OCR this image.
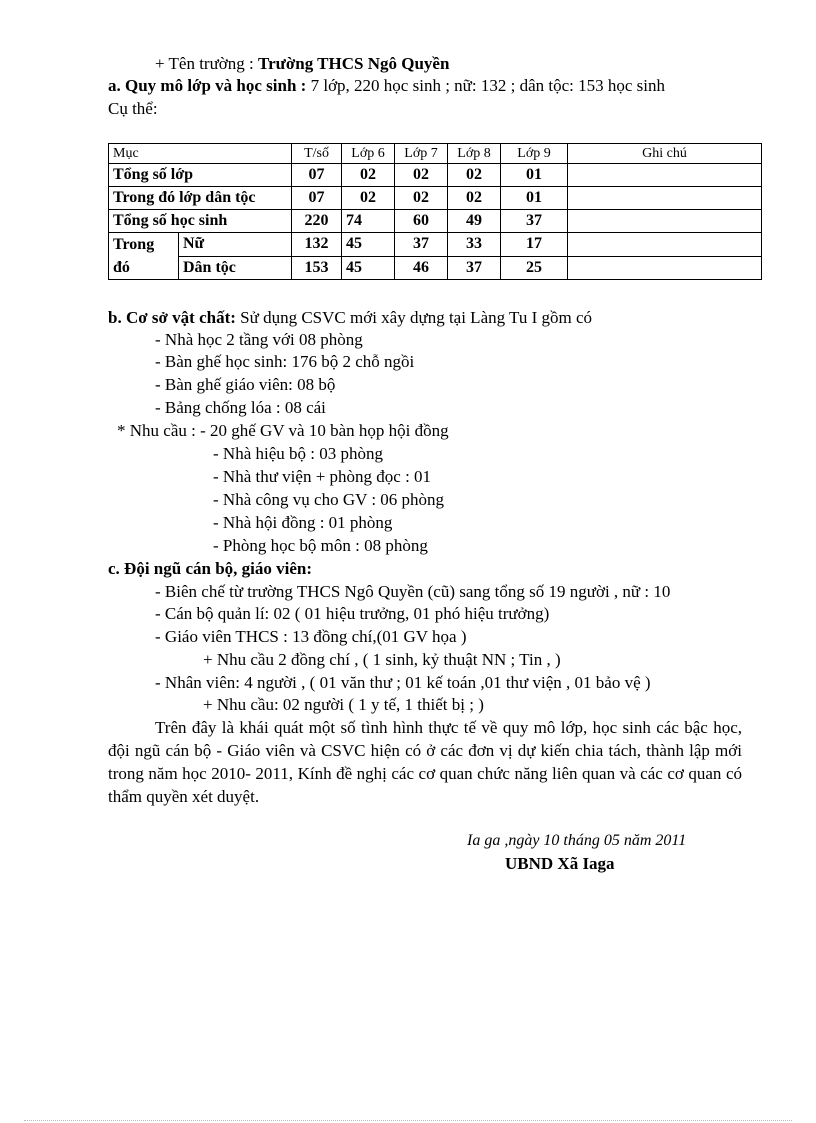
+ Tên trường : Trường THCS Ngô Quyền
a. Quy mô lớp và học sinh : 7 lớp, 220 học sinh ; nữ: 132 ; dân tộc: 153 học sinh
Cụ thể:
Mục		T/số	Lớp 6	Lớp 7	Lớp 8	Lớp 9	Ghi chú
Tổng số lớp		07	02	02	02	01	
Trong đó lớp dân tộc		07	02	02	02	01	
Tổng số học sinh		220	74	60	49	37	

Trong
đó	Nữ	132	45	37	33	17	
	Dân tộc	153	45	46	37	25	
b. Cơ sở vật chất: Sử dụng CSVC mới xây dựng tại Làng Tu I gồm có
- Nhà học 2 tầng với 08 phòng
- Bàn ghế học sinh: 176 bộ 2 chỗ ngồi
- Bàn ghế giáo viên: 08 bộ
- Bảng chống lóa : 08 cái
* Nhu cầu : - 20 ghế GV và 10 bàn họp hội đồng
- Nhà hiệu bộ : 03 phòng
- Nhà thư viện + phòng đọc : 01
- Nhà công vụ cho GV : 06 phòng
- Nhà hội đồng : 01 phòng
- Phòng học bộ môn : 08 phòng
c. Đội ngũ cán bộ, giáo viên:
- Biên chế từ trường THCS Ngô Quyền (cũ) sang tổng số 19 người , nữ : 10
- Cán bộ quản lí: 02 ( 01 hiệu trưởng, 01 phó hiệu trưởng)
- Giáo viên THCS : 13 đồng chí,(01 GV họa )
+ Nhu cầu 2 đồng chí , ( 1 sinh, kỷ thuật NN ; Tin , )
- Nhân viên: 4 người , ( 01 văn thư ; 01 kế toán ,01 thư viện , 01 bảo vệ )
+ Nhu cầu: 02 người ( 1 y tế, 1 thiết bị ; )
Trên đây là khái quát một số tình hình thực tế về quy mô lớp, học sinh các bậc học, đội ngũ cán bộ - Giáo viên và CSVC hiện có ở các đơn vị dự kiến chia tách, thành lập mới trong năm học 2010- 2011, Kính đề nghị các cơ quan chức năng liên quan và các cơ quan có thẩm quyền xét duyệt.
Ia ga ,ngày 10 tháng 05 năm 2011
UBND Xã Iaga
